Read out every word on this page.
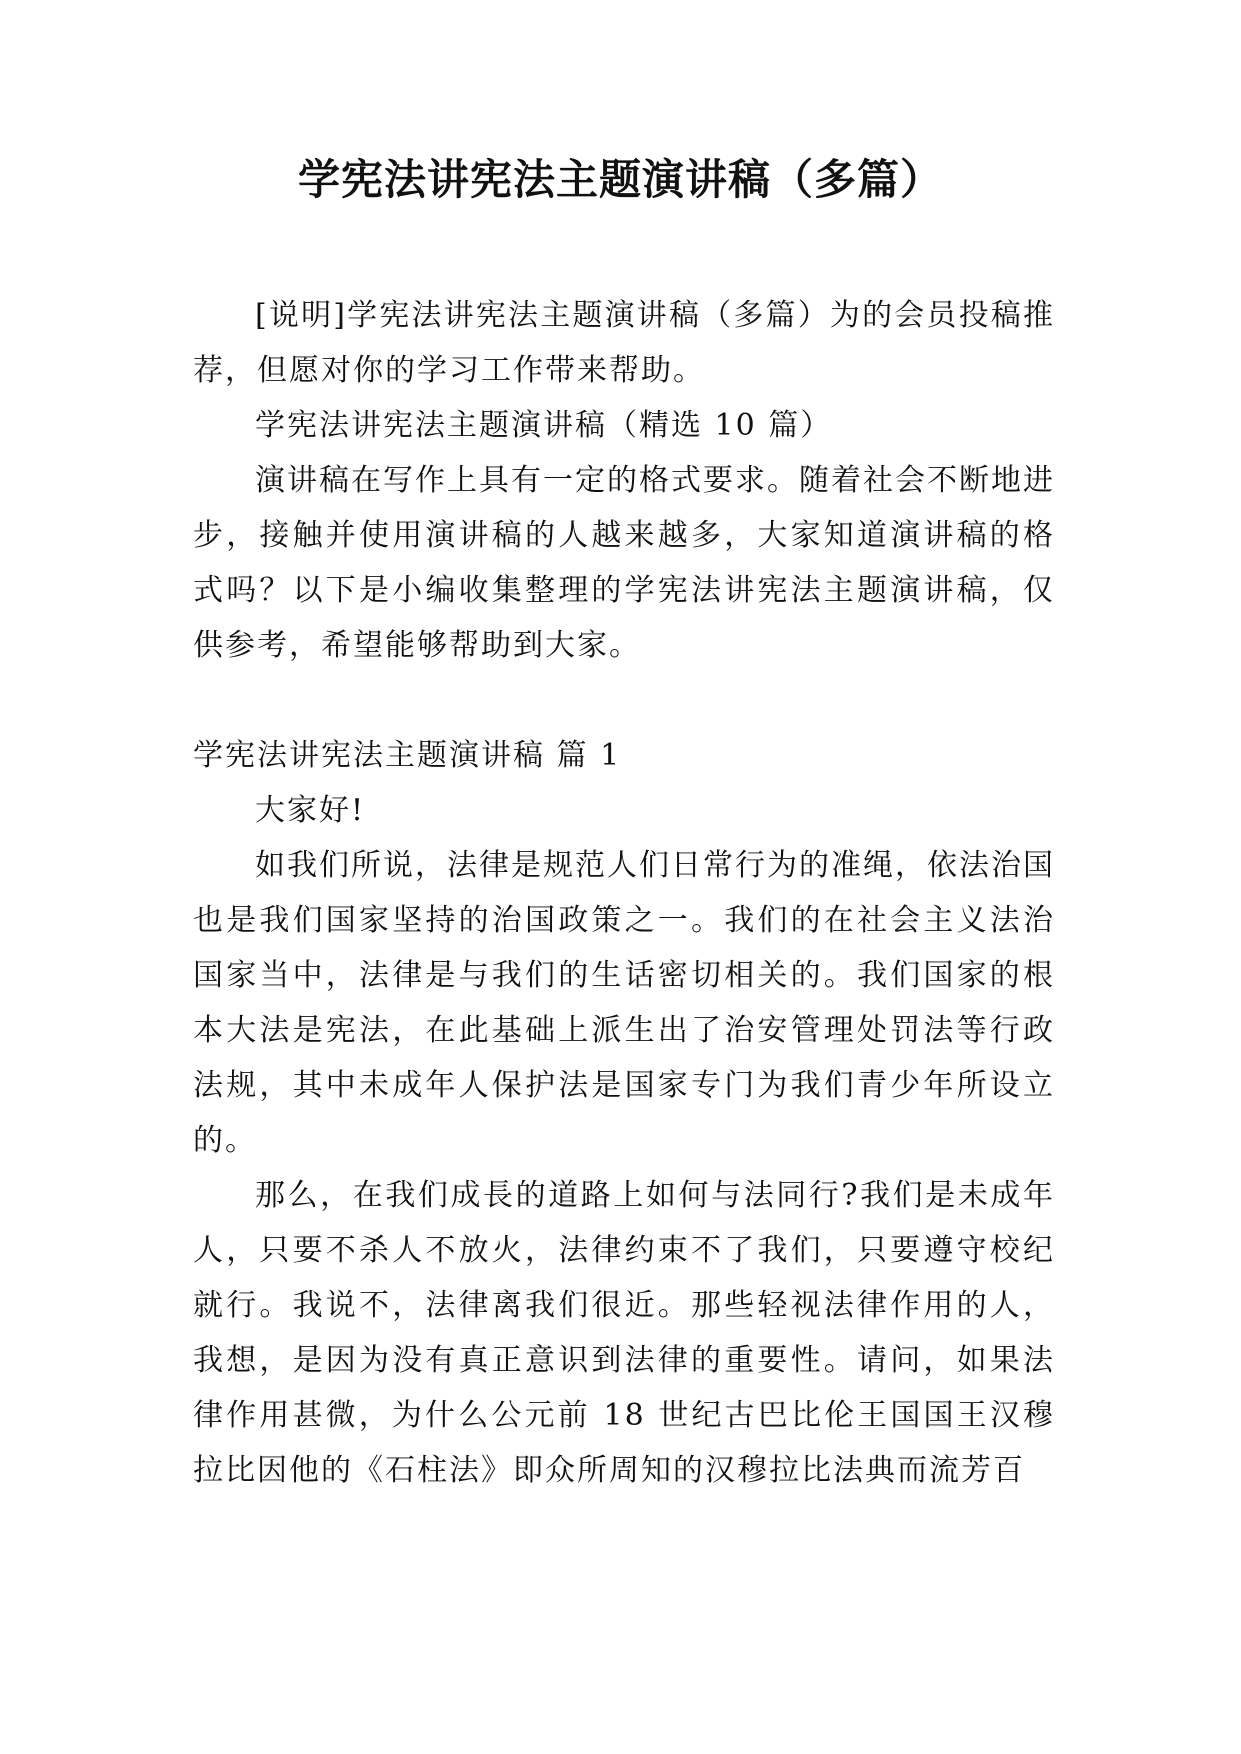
学宪法讲宪法主题演讲稿（多篇）

[说明]学宪法讲宪法主题演讲稿（多篇）为的会员投稿推荐，但愿对你的学习工作带来帮助。

学宪法讲宪法主题演讲稿（精选 10 篇）

演讲稿在写作上具有一定的格式要求。随着社会不断地进步，接触并使用演讲稿的人越来越多，大家知道演讲稿的格式吗？以下是小编收集整理的学宪法讲宪法主题演讲稿，仅供参考，希望能够帮助到大家。

学宪法讲宪法主题演讲稿 篇 1

大家好!

如我们所说，法律是规范人们日常行为的准绳，依法治国也是我们国家坚持的治国政策之一。我们的在社会主义法治国家当中，法律是与我们的生话密切相关的。我们国家的根本大法是宪法，在此基础上派生出了治安管理处罚法等行政法规，其中未成年人保护法是国家专门为我们青少年所设立的。

那么，在我们成長的道路上如何与法同行?我们是未成年人，只要不杀人不放火，法律约束不了我们，只要遵守校纪就行。我说不，法律离我们很近。那些轻视法律作用的人，我想，是因为没有真正意识到法律的重要性。请问，如果法律作用甚微，为什么公元前 18 世纪古巴比伦王国国王汉穆拉比因他的《石柱法》即众所周知的汉穆拉比法典而流芳百
